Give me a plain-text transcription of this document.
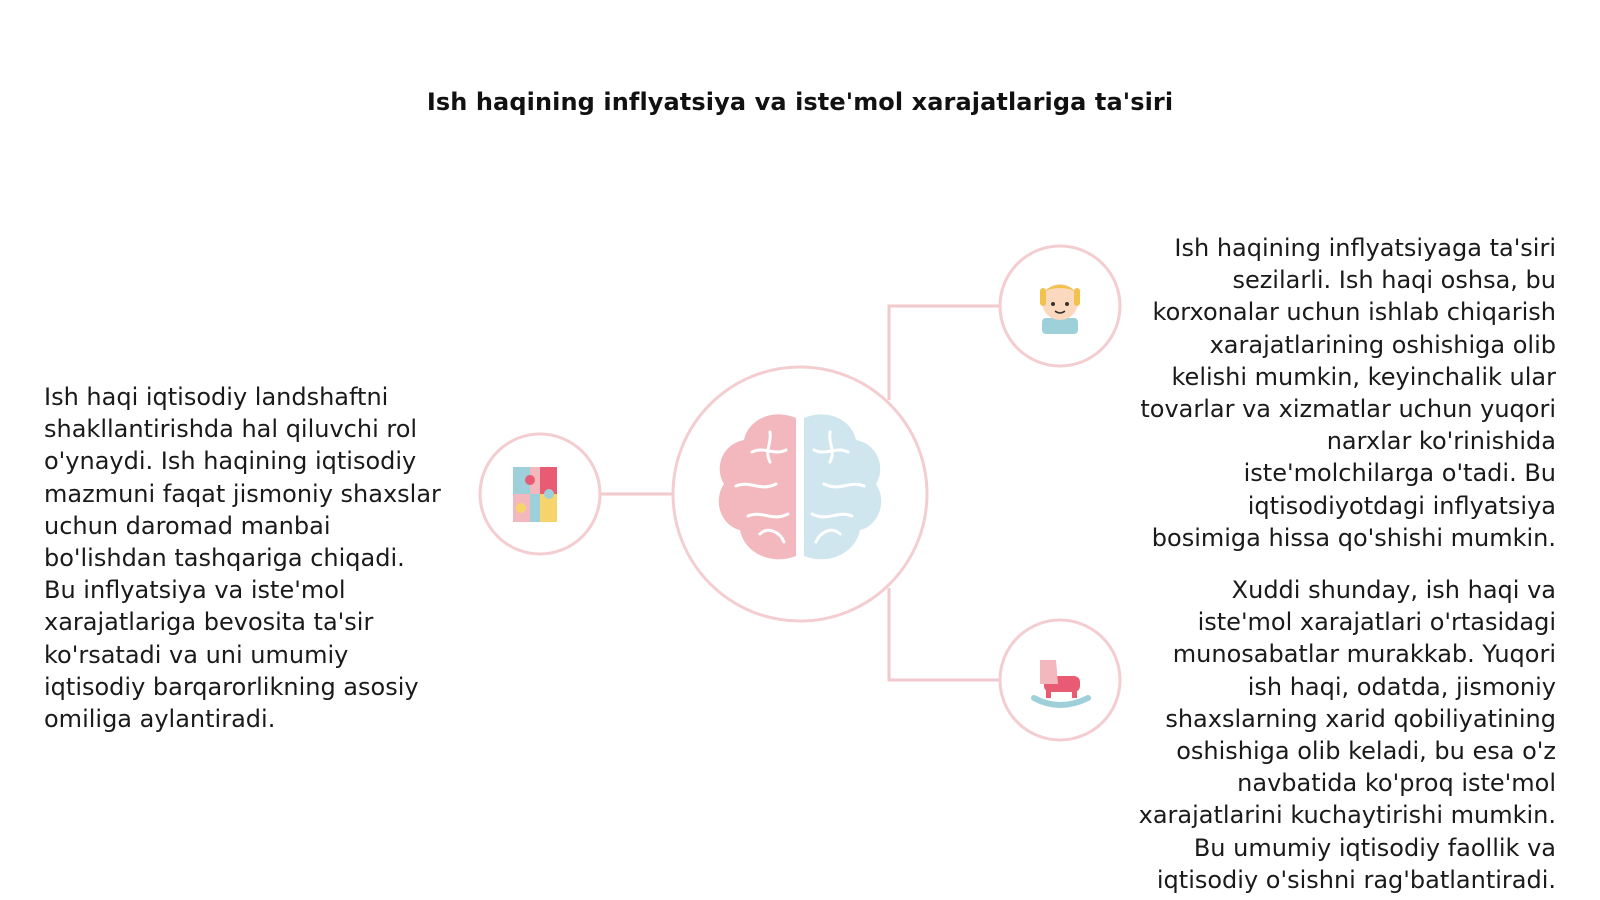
Ish haqining inflyatsiya va iste'mol xarajatlariga ta'siri

Ish haqi iqtisodiy landshaftni shakllantirishda hal qiluvchi rol o'ynaydi. Ish haqining iqtisodiy mazmuni faqat jismoniy shaxslar uchun daromad manbai bo'lishdan tashqariga chiqadi. Bu inflyatsiya va iste'mol xarajatlariga bevosita ta'sir ko'rsatadi va uni umumiy iqtisodiy barqarorlikning asosiy omiliga aylantiradi.

Ish haqining inflyatsiyaga ta'siri sezilarli. Ish haqi oshsa, bu korxonalar uchun ishlab chiqarish xarajatlarining oshishiga olib kelishi mumkin, keyinchalik ular tovarlar va xizmatlar uchun yuqori narxlar ko'rinishida iste'molchilarga o'tadi. Bu iqtisodiyotdagi inflyatsiya bosimiga hissa qo'shishi mumkin.

Xuddi shunday, ish haqi va iste'mol xarajatlari o'rtasidagi munosabatlar murakkab. Yuqori ish haqi, odatda, jismoniy shaxslarning xarid qobiliyatining oshishiga olib keladi, bu esa o'z navbatida ko'proq iste'mol xarajatlarini kuchaytirishi mumkin. Bu umumiy iqtisodiy faollik va iqtisodiy o'sishni rag'batlantiradi.
